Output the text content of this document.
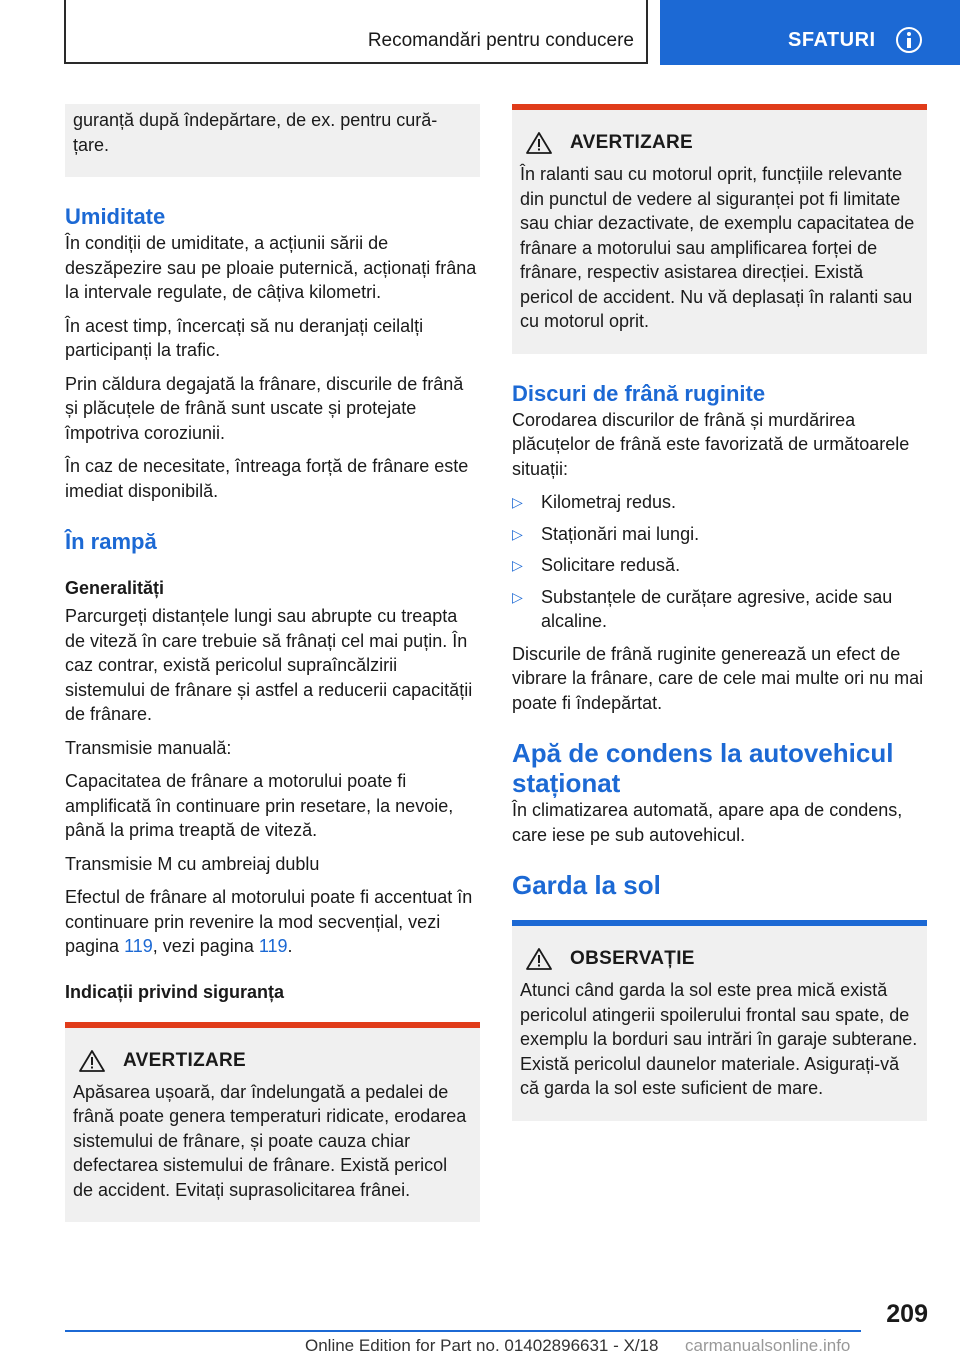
Recomandări pentru conducere	SFATURI

guranță după îndepărtare, de ex. pentru cură‐ țare.

Umiditate

În condiții de umiditate, a acțiunii sării de deszăpezire sau pe ploaie puternică, acționați frâna la intervale regulate, de câțiva kilometri.

În acest timp, încercați să nu deranjați ceilalți participanți la trafic.

Prin căldura degajată la frânare, discurile de frână și plăcuțele de frână sunt uscate și protejate împotriva coroziunii.

În caz de necesitate, întreaga forță de frânare este imediat disponibilă.

În rampă
Generalități

Parcurgeți distanțele lungi sau abrupte cu treapta de viteză în care trebuie să frânați cel mai puțin. În caz contrar, există pericolul supraîncălzirii sistemului de frânare și astfel a reducerii capacității de frânare.

Transmisie manuală:

Capacitatea de frânare a motorului poate fi amplificată în continuare prin resetare, la nevoie, până la prima treaptă de viteză.

Transmisie M cu ambreiaj dublu

Efectul de frânare al motorului poate fi accentuat în continuare prin revenire la mod secvențial, vezi pagina 119, vezi pagina 119.

Indicații privind siguranța
AVERTIZARE

Apăsarea ușoară, dar îndelungată a pedalei de frână poate genera temperaturi ridicate, erodarea sistemului de frânare, și poate cauza chiar defectarea sistemului de frânare. Există pericol de accident. Evitați suprasolicitarea frânei.

AVERTIZARE

În ralanti sau cu motorul oprit, funcțiile relevante din punctul de vedere al siguranței pot fi limitate sau chiar dezactivate, de exemplu capacitatea de frânare a motorului sau amplificarea forței de frânare, respectiv asistarea direcției. Există pericol de accident. Nu vă deplasați în ralanti sau cu motorul oprit.

Discuri de frână ruginite

Corodarea discurilor de frână și murdărirea plăcuțelor de frână este favorizată de următoarele situații:

▷ Kilometraj redus.
▷ Staționări mai lungi.
▷ Solicitare redusă.
▷ Substanțele de curățare agresive, acide sau alcaline.

Discurile de frână ruginite generează un efect de vibrare la frânare, care de cele mai multe ori nu mai poate fi îndepărtat.

Apă de condens la autovehicul staționat

În climatizarea automată, apare apa de condens, care iese pe sub autovehicul.

Garda la sol
OBSERVAȚIE

Atunci când garda la sol este prea mică există pericolul atingerii spoilerului frontal sau spate, de exemplu la borduri sau intrări în garaje subterane. Există pericolul daunelor materiale. Asigurați-vă că garda la sol este suficient de mare.

209
Online Edition for Part no. 01402896631 - X/18 carmanualsonline.info
